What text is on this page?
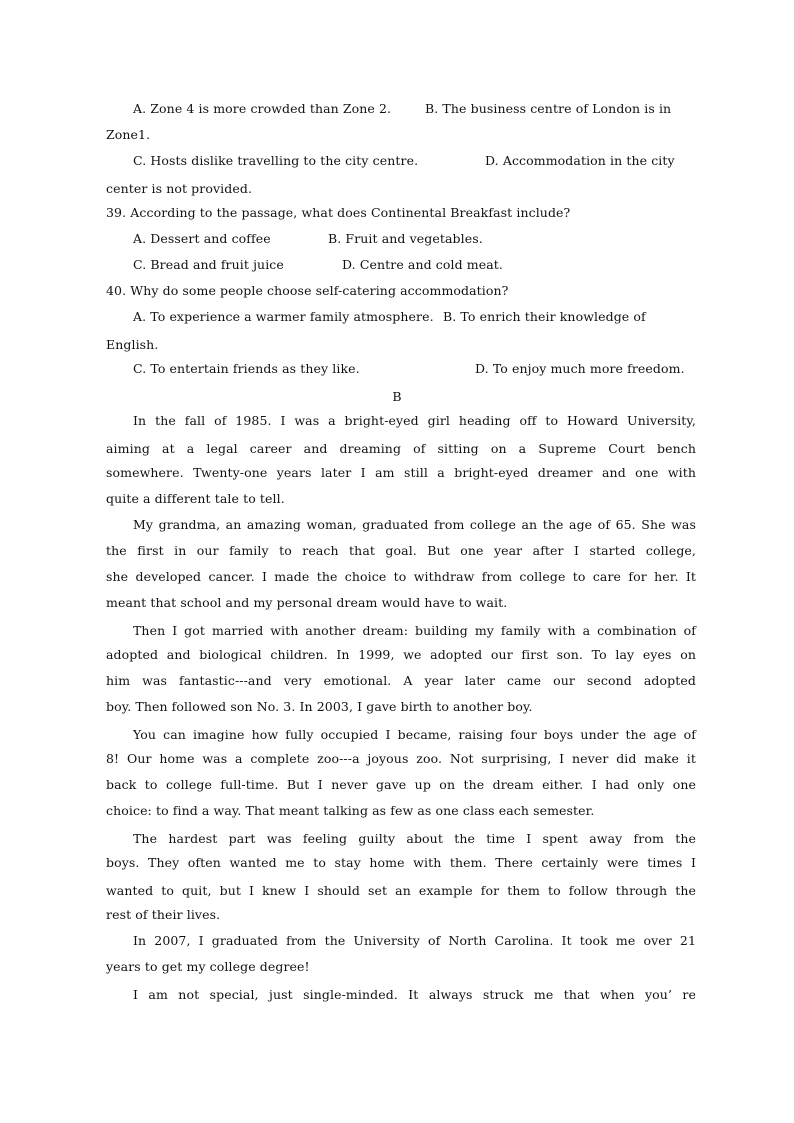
A. Zone 4 is more crowded than Zone 2.	B. The business centre of London is in
Zone1.
C. Hosts dislike travelling to the city centre.	D. Accommodation in the city
center is not provided.
39. According to the passage, what does Continental Breakfast include?
A. Dessert and coffee	B. Fruit and vegetables.
C. Bread and fruit juice	D. Centre and cold meat.
40. Why do some people choose self-catering accommodation?
A. To experience a warmer family atmosphere. B. To enrich their knowledge of
English.
C. To entertain friends as they like.	D. To enjoy much more freedom.
B
In the fall of 1985. I was a bright-eyed girl heading off to Howard University,
aiming at a legal career and dreaming of sitting on a Supreme Court bench
somewhere. Twenty-one years later I am still a bright-eyed dreamer and one with
quite a different tale to tell.
My grandma, an amazing woman, graduated from college an the age of 65. She was
the first in our family to reach that goal. But one year after I started college,
she developed cancer. I made the choice to withdraw from college to care for her. It
meant that school and my personal dream would have to wait.
Then I got married with another dream: building my family with a combination of
adopted and biological children. In 1999, we adopted our first son. To lay eyes on
him was fantastic---and very emotional. A year later came our second adopted
boy. Then followed son No. 3. In 2003, I gave birth to another boy.
You can imagine how fully occupied I became, raising four boys under the age of
8! Our home was a complete zoo---a joyous zoo. Not surprising, I never did make it
back to college full-time. But I never gave up on the dream either. I had only one
choice: to find a way. That meant talking as few as one class each semester.
The hardest part was feeling guilty about the time I spent away from the
boys. They often wanted me to stay home with them. There certainly were times I
wanted to quit, but I knew I should set an example for them to follow through the
rest of their lives.
In 2007, I graduated from the University of North Carolina. It took me over 21
years to get my college degree!
I am not special, just single-minded. It always struck me that when you’ re
